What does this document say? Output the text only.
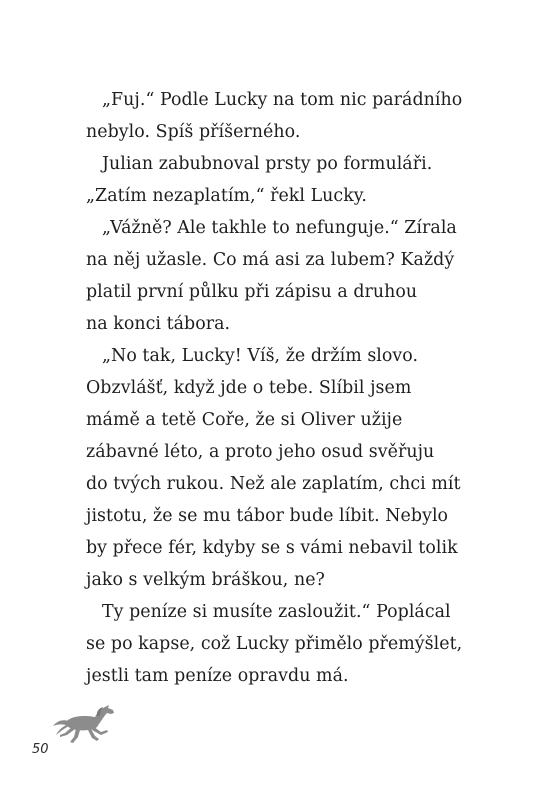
„Fuj.“ Podle Lucky na tom nic parádního
nebylo. Spíš příšerného.
Julian zabubnoval prsty po formuláři.
„Zatím nezaplatím,“ řekl Lucky.
„Vážně? Ale takhle to nefunguje.“ Zírala
na něj užasle. Co má asi za lubem? Každý
platil první půlku při zápisu a druhou
na konci tábora.
„No tak, Lucky! Víš, že držím slovo.
Obzvlášť, když jde o tebe. Slíbil jsem
mámě a tetě Coře, že si Oliver užije
zábavné léto, a proto jeho osud svěřuju
do tvých rukou. Než ale zaplatím, chci mít
jistotu, že se mu tábor bude líbit. Nebylo
by přece fér, kdyby se s vámi nebavil tolik
jako s velkým bráškou, ne?
Ty peníze si musíte zasloužit.“ Poplácal
se po kapse, což Lucky přimělo přemýšlet,
jestli tam peníze opravdu má.
50
